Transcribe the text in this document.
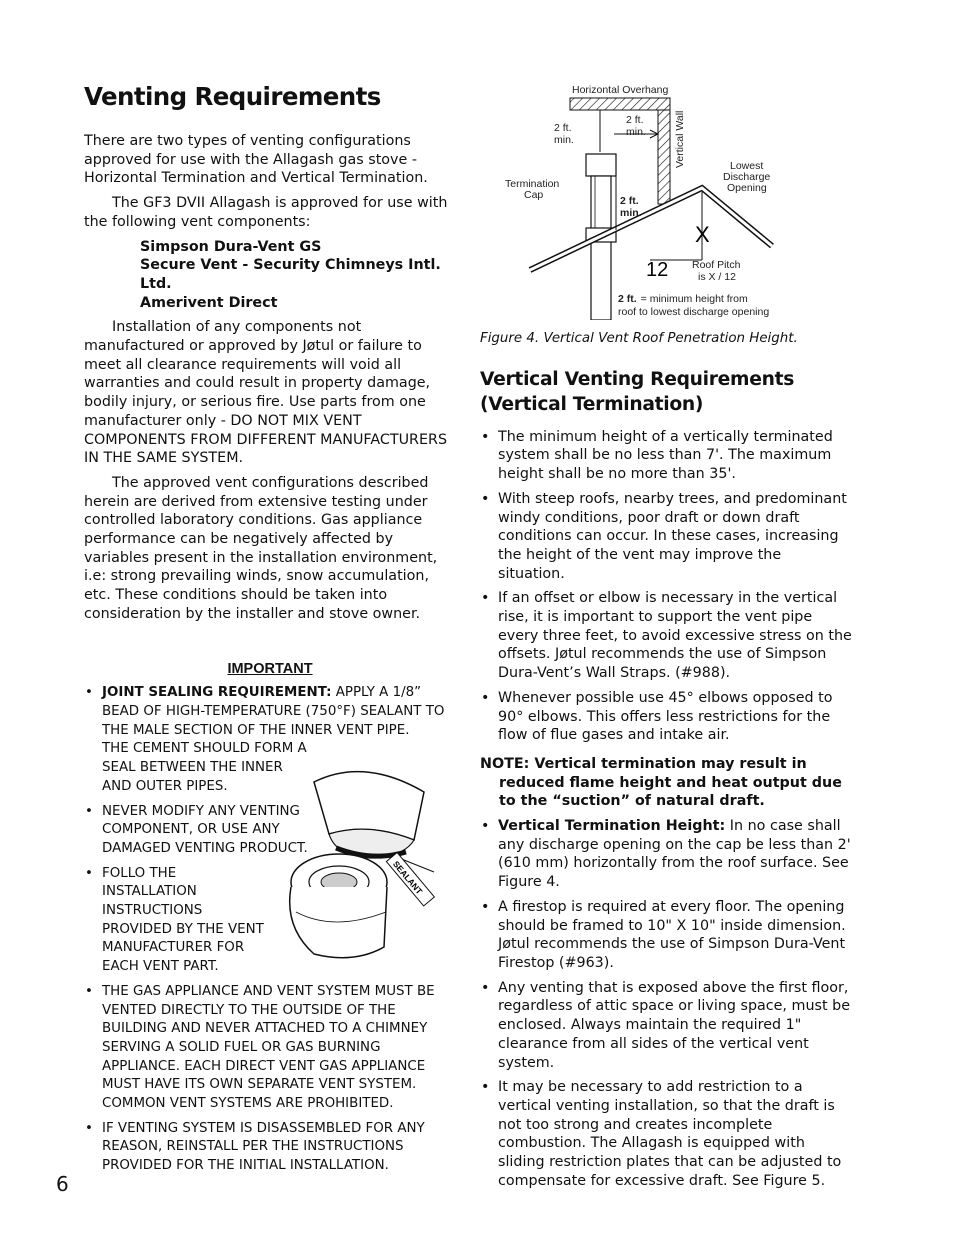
Venting Requirements

There are two types of venting configurations approved for use with the Allagash gas stove - Horizontal Termination and Vertical Termination.

The GF3 DVII Allagash is approved for use with the following vent components:

Simpson Dura-Vent GS
Secure Vent - Security Chimneys Intl. Ltd.
Amerivent Direct

Installation of any components not manufactured or approved by Jøtul or failure to meet all clearance requirements will void all warranties and could result in property damage, bodily injury, or serious fire. Use parts from one manufacturer only - DO NOT MIX VENT COMPONENTS FROM DIFFERENT MANUFACTURERS IN THE SAME SYSTEM.

The approved vent configurations described herein are derived from extensive testing under controlled laboratory conditions. Gas appliance performance can be negatively affected by variables present in the installation environment, i.e: strong prevailing winds, snow accumulation, etc. These conditions should be taken into consideration by the installer and stove owner.

IMPORTANT
SEALANT
• JOINT SEALING REQUIREMENT: APPLY A 1/8” BEAD OF HIGH-TEMPERATURE (750°F) SEALANT TO THE MALE SECTION OF THE INNER VENT PIPE.
THE CEMENT SHOULD FORM A SEAL BETWEEN THE INNER AND OUTER PIPES.
• NEVER MODIFY ANY VENTING COMPONENT, OR USE ANY DAMAGED VENTING PRODUCT.
• FOLLO THE INSTALLATION INSTRUCTIONS PROVIDED BY THE VENT MANUFACTURER FOR EACH VENT PART.
• THE GAS APPLIANCE AND VENT SYSTEM MUST BE VENTED DIRECTLY TO THE OUTSIDE OF THE BUILDING AND NEVER ATTACHED TO A CHIMNEY SERVING A SOLID FUEL OR GAS BURNING APPLIANCE. EACH DIRECT VENT GAS APPLIANCE MUST HAVE ITS OWN SEPARATE VENT SYSTEM. COMMON VENT SYSTEMS ARE PROHIBITED.
• IF VENTING SYSTEM IS DISASSEMBLED FOR ANY REASON, REINSTALL PER THE INSTRUCTIONS PROVIDED FOR THE INITIAL INSTALLATION.
Horizontal Overhang
Vertical Wall
2 ft.
min.
2 ft.
min.
Lowest
Discharge
Opening
Termination
Cap	2 ft.
min.
X
12 Roof Pitch
is X / 12
2 ft. = minimum height from
roof to lowest discharge opening

Figure 4. Vertical Vent Roof Penetration Height.

Vertical Venting Requirements (Vertical Termination)
• The minimum height of a vertically terminated system shall be no less than 7'. The maximum height shall be no more than 35'.
• With steep roofs, nearby trees, and predominant windy conditions, poor draft or down draft conditions can occur. In these cases, increasing the height of the vent may improve the situation.
• If an offset or elbow is necessary in the vertical rise, it is important to support the vent pipe every three feet, to avoid excessive stress on the offsets. Jøtul recommends the use of Simpson Dura-Vent’s Wall Straps. (#988).
• Whenever possible use 45° elbows opposed to 90° elbows. This offers less restrictions for the flow of flue gases and intake air.

NOTE: Vertical termination may result in reduced flame height and heat output due to the “suction” of natural draft.

• Vertical Termination Height: In no case shall any discharge opening on the cap be less than 2' (610 mm) horizontally from the roof surface. See Figure 4.
• A firestop is required at every floor. The opening should be framed to 10" X 10" inside dimension. Jøtul recommends the use of Simpson Dura-Vent Firestop (#963).
• Any venting that is exposed above the first floor, regardless of attic space or living space, must be enclosed. Always maintain the required 1" clearance from all sides of the vertical vent system.
• It may be necessary to add restriction to a vertical venting installation, so that the draft is not too strong and creates incomplete combustion. The Allagash is equipped with sliding restriction plates that can be adjusted to compensate for excessive draft. See Figure 5.
6
